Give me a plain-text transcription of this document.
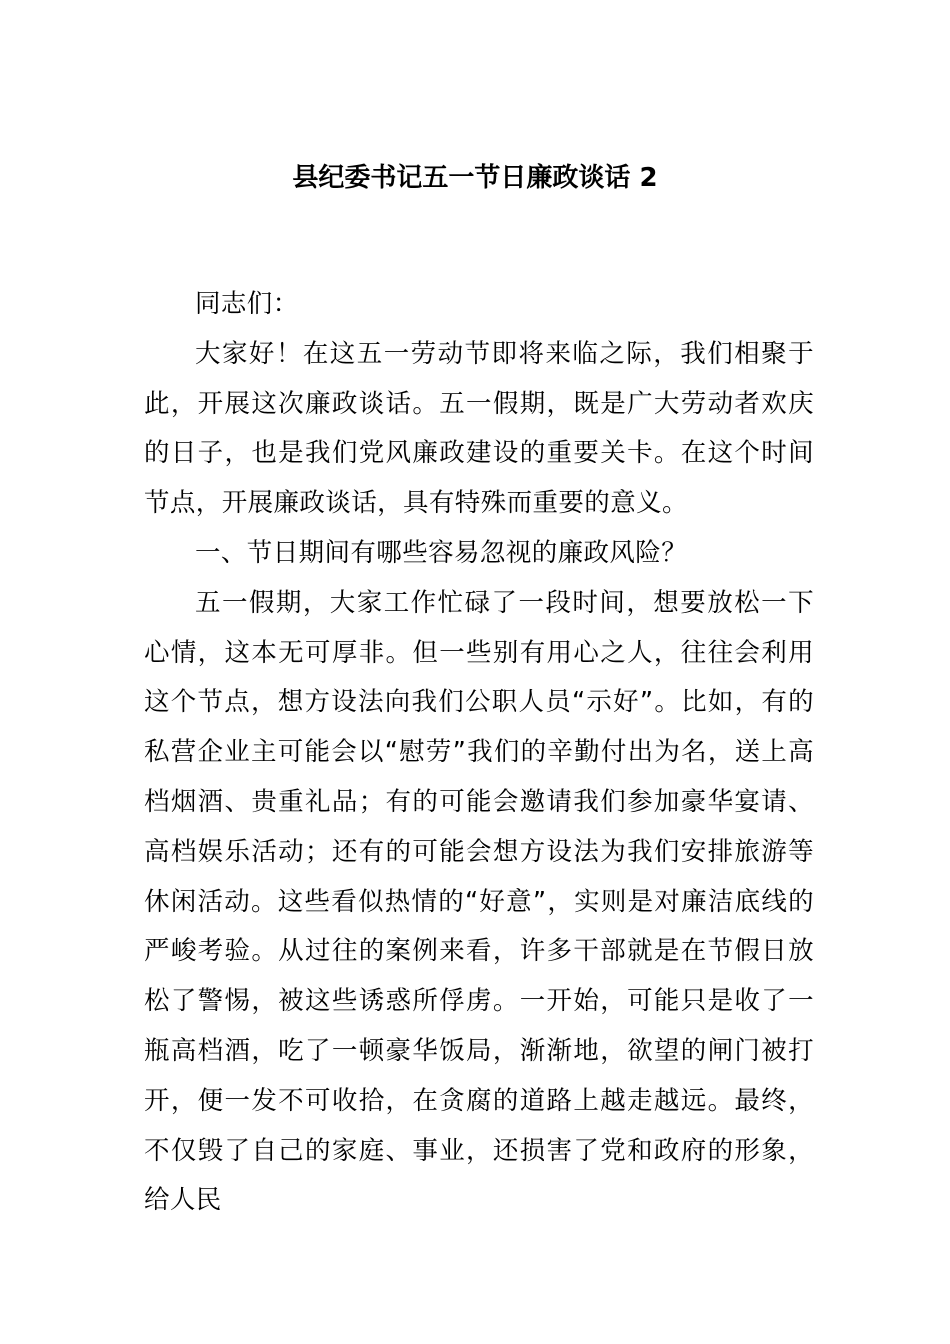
县纪委书记五一节日廉政谈话 2

同志们：

大家好！在这五一劳动节即将来临之际，我们相聚于此，开展这次廉政谈话。五一假期，既是广大劳动者欢庆的日子，也是我们党风廉政建设的重要关卡。在这个时间节点，开展廉政谈话，具有特殊而重要的意义。

一、节日期间有哪些容易忽视的廉政风险？

五一假期，大家工作忙碌了一段时间，想要放松一下心情，这本无可厚非。但一些别有用心之人，往往会利用这个节点，想方设法向我们公职人员“示好”。比如，有的私营企业主可能会以“慰劳”我们的辛勤付出为名，送上高档烟酒、贵重礼品；有的可能会邀请我们参加豪华宴请、高档娱乐活动；还有的可能会想方设法为我们安排旅游等休闲活动。这些看似热情的“好意”，实则是对廉洁底线的严峻考验。从过往的案例来看，许多干部就是在节假日放松了警惕，被这些诱惑所俘虏。一开始，可能只是收了一瓶高档酒，吃了一顿豪华饭局，渐渐地，欲望的闸门被打开，便一发不可收拾，在贪腐的道路上越走越远。最终，不仅毁了自己的家庭、事业，还损害了党和政府的形象，给人民
